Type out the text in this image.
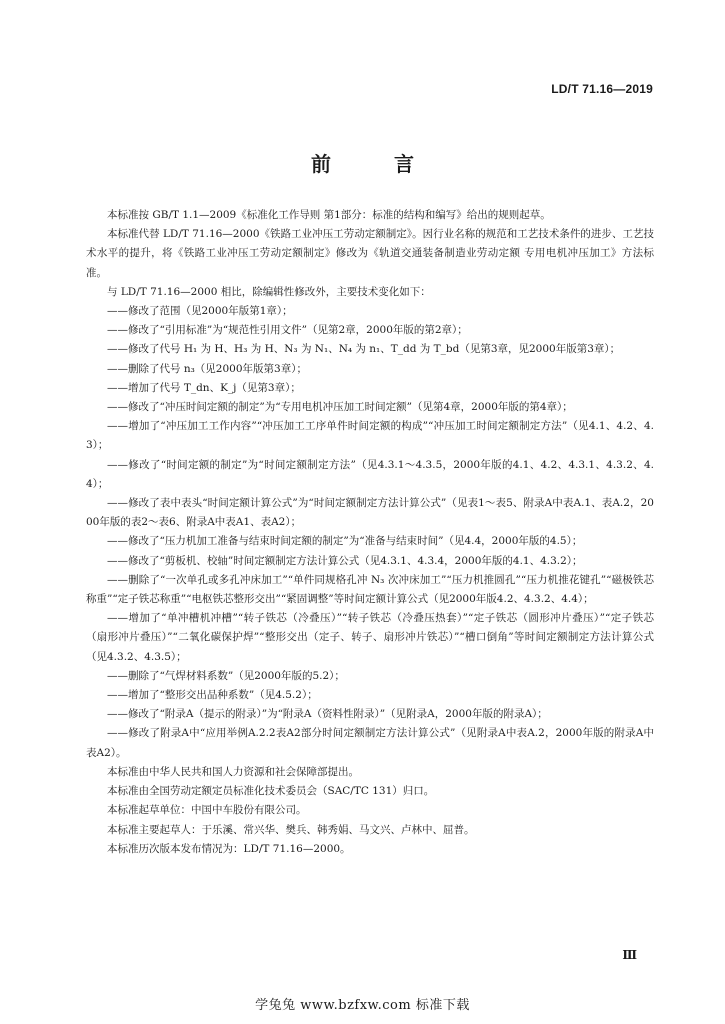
LD/T 71.16—2019
前 言

本标准按 GB/T 1.1—2009《标准化工作导则 第1部分：标准的结构和编写》给出的规则起草。

本标准代替 LD/T 71.16—2000《铁路工业冲压工劳动定额制定》。因行业名称的规范和工艺技术条件的进步、工艺技术水平的提升，将《铁路工业冲压工劳动定额制定》修改为《轨道交通装备制造业劳动定额 专用电机冲压加工》方法标准。

与 LD/T 71.16—2000 相比，除编辑性修改外，主要技术变化如下：

——修改了范围（见2000年版第1章）；

——修改了“引用标准”为“规范性引用文件”（见第2章，2000年版的第2章）；

——修改了代号 H₁ 为 H、H₃ 为 H、N₃ 为 N₁、N₄ 为 n₁、T_dd 为 T_bd（见第3章，见2000年版第3章）；

——删除了代号 n₃（见2000年版第3章）；

——增加了代号 T_dn、K_j（见第3章）；

——修改了“冲压时间定额的制定”为“专用电机冲压加工时间定额”（见第4章，2000年版的第4章）；

——增加了“冲压加工工作内容”“冲压加工工序单件时间定额的构成”“冲压加工时间定额制定方法”（见4.1、4.2、4.3）；

——修改了“时间定额的制定”为“时间定额制定方法”（见4.3.1～4.3.5，2000年版的4.1、4.2、4.3.1、4.3.2、4.4）；

——修改了表中表头“时间定额计算公式”为“时间定额制定方法计算公式”（见表1～表5、附录A中表A.1、表A.2，2000年版的表2～表6、附录A中表A1、表A2）；

——修改了“压力机加工准备与结束时间定额的制定”为“准备与结束时间”（见4.4，2000年版的4.5）；

——修改了“剪板机、校轴”时间定额制定方法计算公式（见4.3.1、4.3.4，2000年版的4.1、4.3.2）；

——删除了“一次单孔或多孔冲床加工”“单件同规格孔冲 N₃ 次冲床加工”“压力机推圆孔”“压力机推花键孔”“磁极铁芯称重”“定子铁芯称重”“电枢铁芯整形交出”“紧固调整”等时间定额计算公式（见2000年版4.2、4.3.2、4.4）；

——增加了“单冲槽机冲槽”“转子铁芯（冷叠压）”“转子铁芯（冷叠压热套）”“定子铁芯（圆形冲片叠压）”“定子铁芯（扇形冲片叠压）”“二氧化碳保护焊”“整形交出（定子、转子、扇形冲片铁芯）”“槽口倒角”等时间定额制定方法计算公式（见4.3.2、4.3.5）；

——删除了“气焊材料系数”（见2000年版的5.2）；

——增加了“整形交出品种系数”（见4.5.2）；

——修改了“附录A（提示的附录）”为“附录A（资料性附录）”（见附录A，2000年版的附录A）；

——修改了附录A中“应用举例A.2.2表A2部分时间定额制定方法计算公式”（见附录A中表A.2，2000年版的附录A中表A2）。

本标准由中华人民共和国人力资源和社会保障部提出。

本标准由全国劳动定额定员标准化技术委员会（SAC/TC 131）归口。

本标准起草单位：中国中车股份有限公司。

本标准主要起草人：于乐溪、常兴华、樊兵、韩秀娟、马文兴、卢林中、屈普。

本标准历次版本发布情况为：LD/T 71.16—2000。

Ⅲ
学兔兔 www.bzfxw.com 标准下载
